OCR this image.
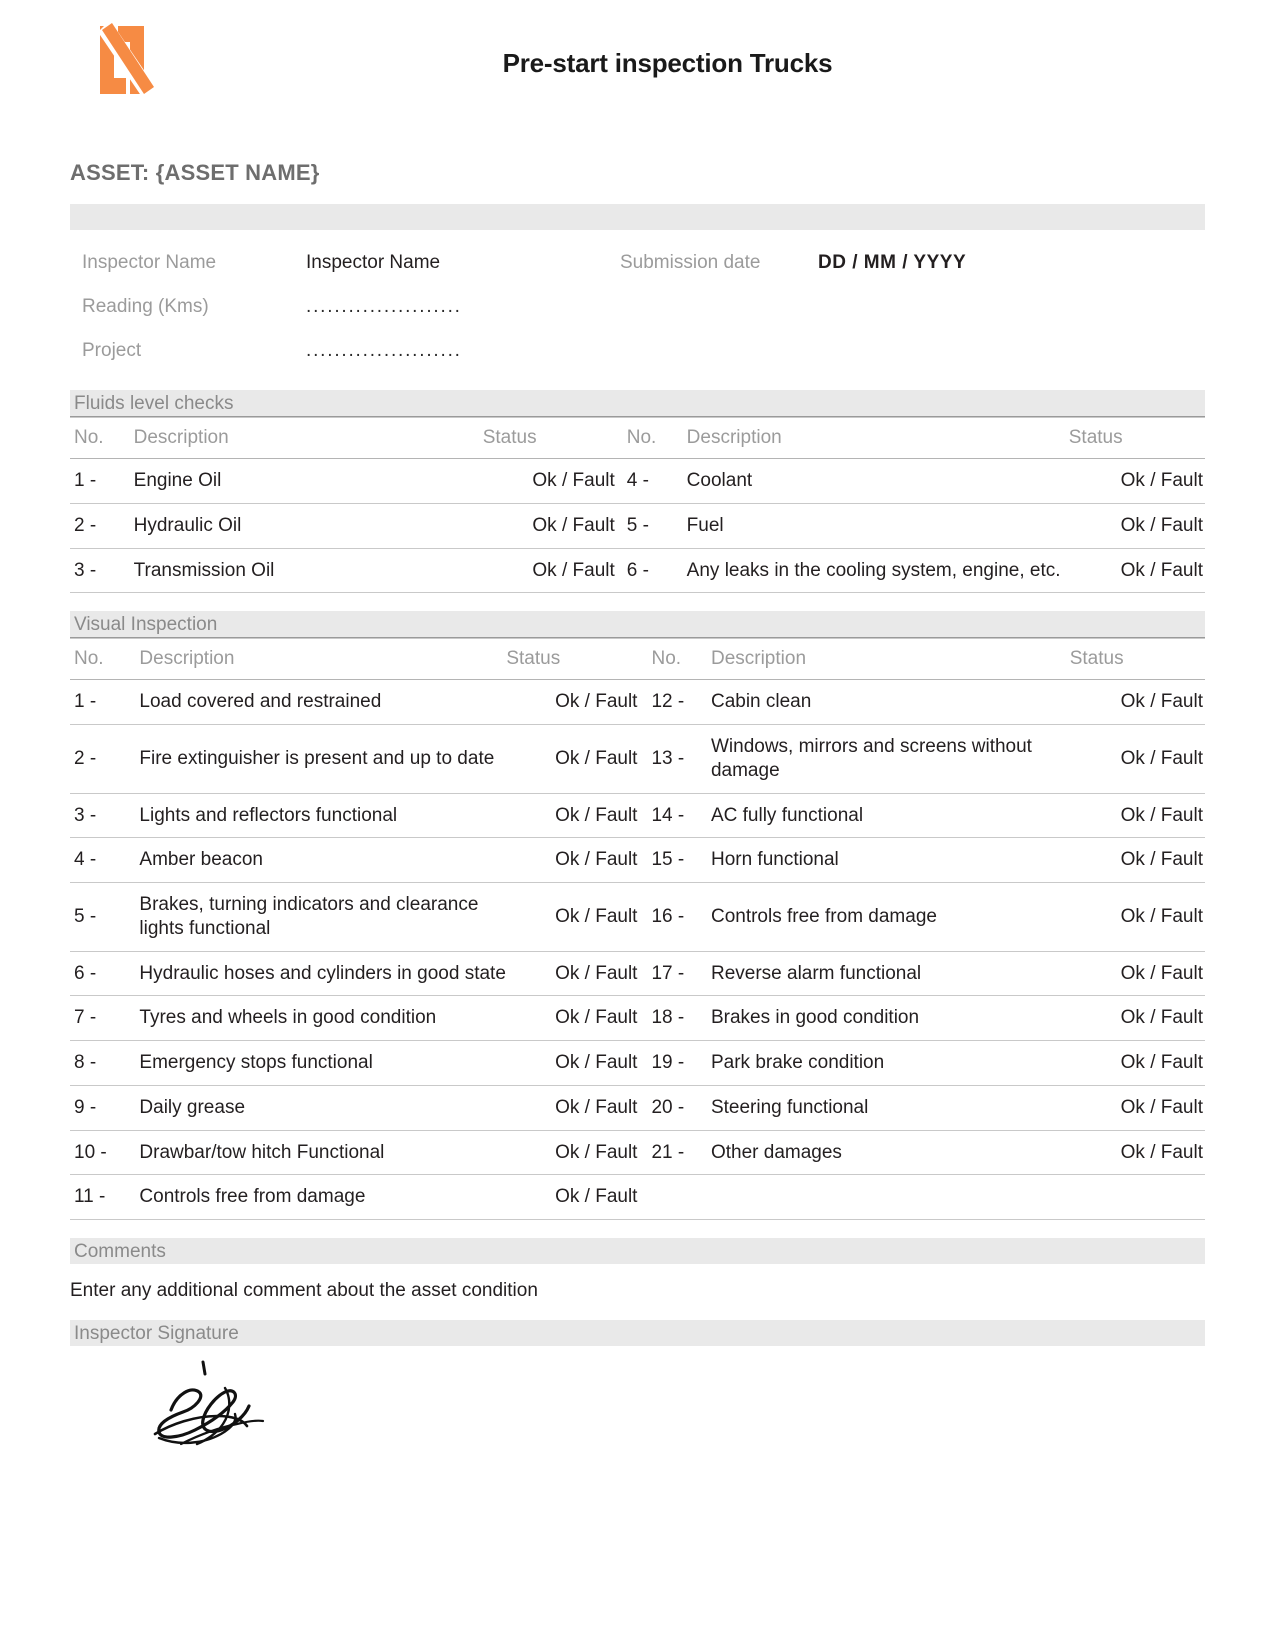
Pre-start inspection Trucks
ASSET: {ASSET NAME}
Inspector Name	Inspector Name	Submission date	DD / MM / YYYY
Reading (Kms)	......................
Project	......................
Fluids level checks

No.	Description	Status	No.	Description	Status
1 -	Engine Oil	Ok / Fault	4 -	Coolant	Ok / Fault
2 -	Hydraulic Oil	Ok / Fault	5 -	Fuel	Ok / Fault
3 -	Transmission Oil	Ok / Fault	6 -	Any leaks in the cooling system, engine, etc.	Ok / Fault
Visual Inspection

No.	Description	Status	No.	Description	Status
1 -	Load covered and restrained	Ok / Fault	12 -	Cabin clean	Ok / Fault
2 -	Fire extinguisher is present and up to date	Ok / Fault	13 -	Windows, mirrors and screens without damage	Ok / Fault
3 -	Lights and reflectors functional	Ok / Fault	14 -	AC fully functional	Ok / Fault
4 -	Amber beacon	Ok / Fault	15 -	Horn functional	Ok / Fault
5 -	Brakes, turning indicators and clearance lights functional	Ok / Fault	16 -	Controls free from damage	Ok / Fault
6 -	Hydraulic hoses and cylinders in good state	Ok / Fault	17 -	Reverse alarm functional	Ok / Fault
7 -	Tyres and wheels in good condition	Ok / Fault	18 -	Brakes in good condition	Ok / Fault
8 -	Emergency stops functional	Ok / Fault	19 -	Park brake condition	Ok / Fault
9 -	Daily grease	Ok / Fault	20 -	Steering functional	Ok / Fault
10 -	Drawbar/tow hitch Functional	Ok / Fault	21 -	Other damages	Ok / Fault
11 -	Controls free from damage	Ok / Fault			
Comments
Enter any additional comment about the asset condition
Inspector Signature
